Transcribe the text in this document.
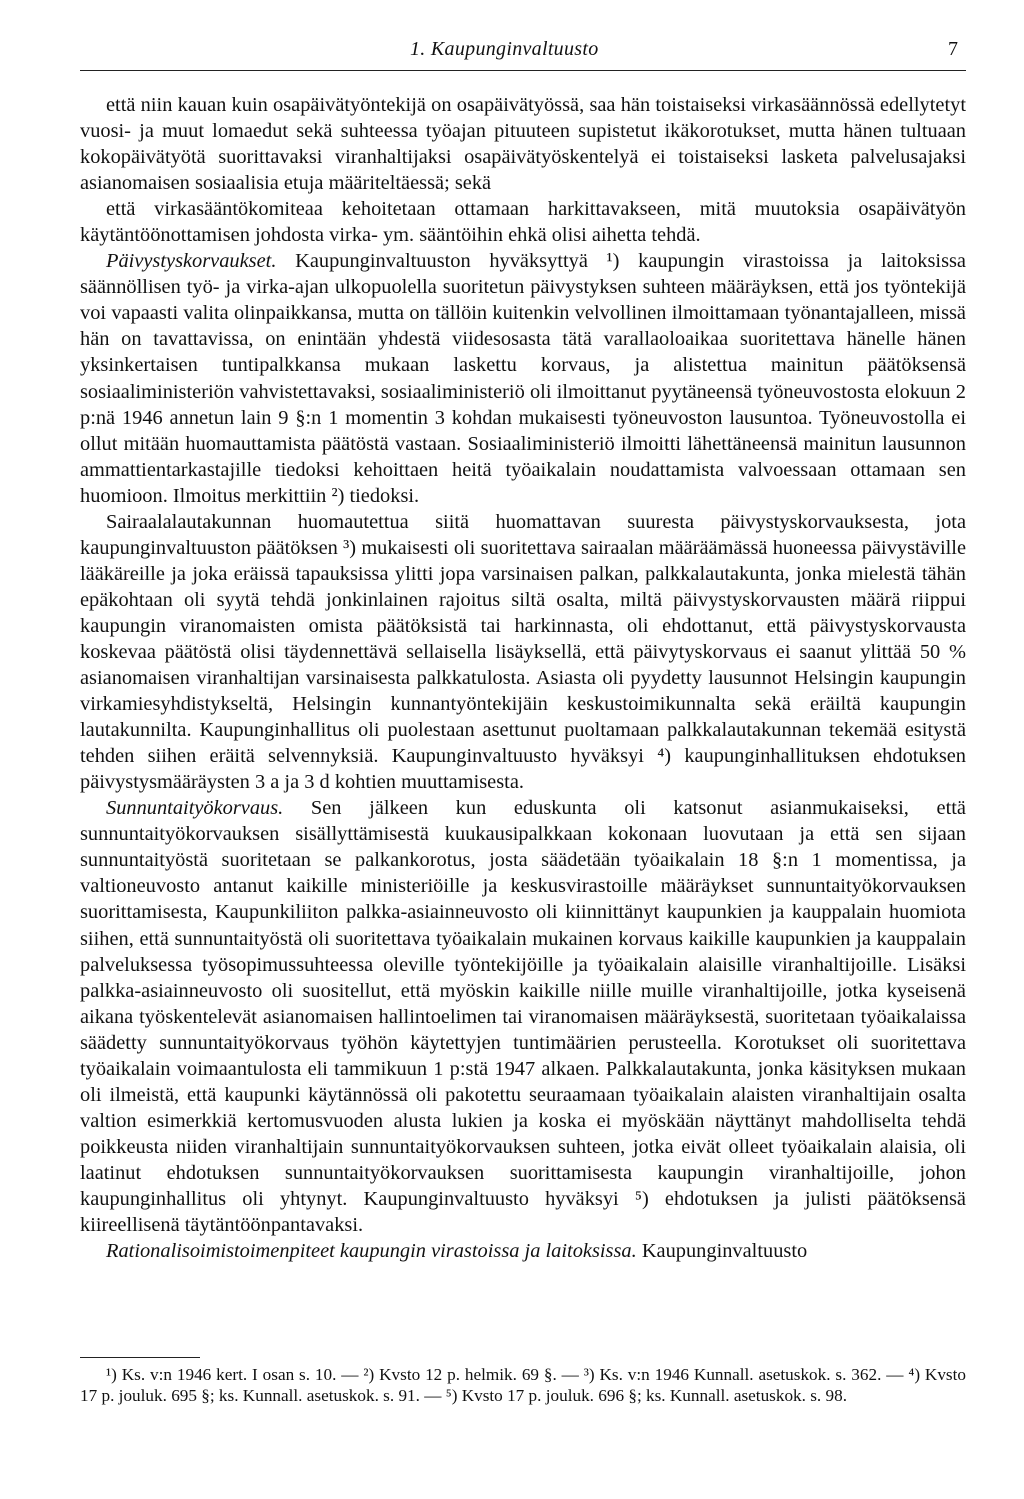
1. Kaupunginvaltuusto	7

että niin kauan kuin osapäivätyöntekijä on osapäivätyössä, saa hän toistaiseksi virkasäännössä edellytetyt vuosi- ja muut lomaedut sekä suhteessa työajan pituuteen supistetut ikäkorotukset, mutta hänen tultuaan kokopäivätyötä suorittavaksi viranhaltijaksi osapäivätyöskentelyä ei toistaiseksi lasketa palvelusajaksi asianomaisen sosiaalisia etuja määriteltäessä; sekä

että virkasääntökomiteaa kehoitetaan ottamaan harkittavakseen, mitä muutoksia osapäivätyön käytäntöönottamisen johdosta virka- ym. sääntöihin ehkä olisi aihetta tehdä.

Päivystyskorvaukset. Kaupunginvaltuuston hyväksyttyä ¹) kaupungin virastoissa ja laitoksissa säännöllisen työ- ja virka-ajan ulkopuolella suoritetun päivystyksen suhteen määräyksen, että jos työntekijä voi vapaasti valita olinpaikkansa, mutta on tällöin kuitenkin velvollinen ilmoittamaan työnantajalleen, missä hän on tavattavissa, on enintään yhdestä viidesosasta tätä varallaoloaikaa suoritettava hänelle hänen yksinkertaisen tuntipalkkansa mukaan laskettu korvaus, ja alistettua mainitun päätöksensä sosiaaliministeriön vahvistettavaksi, sosiaaliministeriö oli ilmoittanut pyytäneensä työneuvostosta elokuun 2 p:nä 1946 annetun lain 9 §:n 1 momentin 3 kohdan mukaisesti työneuvoston lausuntoa. Työneuvostolla ei ollut mitään huomauttamista päätöstä vastaan. Sosiaaliministeriö ilmoitti lähettäneensä mainitun lausunnon ammattientarkastajille tiedoksi kehoittaen heitä työaikalain noudattamista valvoessaan ottamaan sen huomioon. Ilmoitus merkittiin ²) tiedoksi.

Sairaalalautakunnan huomautettua siitä huomattavan suuresta päivystyskorvauksesta, jota kaupunginvaltuuston päätöksen ³) mukaisesti oli suoritettava sairaalan määräämässä huoneessa päivystäville lääkäreille ja joka eräissä tapauksissa ylitti jopa varsinaisen palkan, palkkalautakunta, jonka mielestä tähän epäkohtaan oli syytä tehdä jonkinlainen rajoitus siltä osalta, miltä päivystyskorvausten määrä riippui kaupungin viranomaisten omista päätöksistä tai harkinnasta, oli ehdottanut, että päivystyskorvausta koskevaa päätöstä olisi täydennettävä sellaisella lisäyksellä, että päivytyskorvaus ei saanut ylittää 50 % asianomaisen viranhaltijan varsinaisesta palkkatulosta. Asiasta oli pyydetty lausunnot Helsingin kaupungin virkamiesyhdistykseltä, Helsingin kunnantyöntekijäin keskustoimikunnalta sekä eräiltä kaupungin lautakunnilta. Kaupunginhallitus oli puolestaan asettunut puoltamaan palkkalautakunnan tekemää esitystä tehden siihen eräitä selvennyksiä. Kaupunginvaltuusto hyväksyi ⁴) kaupunginhallituksen ehdotuksen päivystysmääräysten 3 a ja 3 d kohtien muuttamisesta.

Sunnuntaityökorvaus. Sen jälkeen kun eduskunta oli katsonut asianmukaiseksi, että sunnuntaityökorvauksen sisällyttämisestä kuukausipalkkaan kokonaan luovutaan ja että sen sijaan sunnuntaityöstä suoritetaan se palkankorotus, josta säädetään työaikalain 18 §:n 1 momentissa, ja valtioneuvosto antanut kaikille ministeriöille ja keskusvirastoille määräykset sunnuntaityökorvauksen suorittamisesta, Kaupunkiliiton palkka-asiainneuvosto oli kiinnittänyt kaupunkien ja kauppalain huomiota siihen, että sunnuntaityöstä oli suoritettava työaikalain mukainen korvaus kaikille kaupunkien ja kauppalain palveluksessa työsopimussuhteessa oleville työntekijöille ja työaikalain alaisille viranhaltijoille. Lisäksi palkka-asiainneuvosto oli suositellut, että myöskin kaikille niille muille viranhaltijoille, jotka kyseisenä aikana työskentelevät asianomaisen hallintoelimen tai viranomaisen määräyksestä, suoritetaan työaikalaissa säädetty sunnuntaityökorvaus työhön käytettyjen tuntimäärien perusteella. Korotukset oli suoritettava työaikalain voimaantulosta eli tammikuun 1 p:stä 1947 alkaen. Palkkalautakunta, jonka käsityksen mukaan oli ilmeistä, että kaupunki käytännössä oli pakotettu seuraamaan työaikalain alaisten viranhaltijain osalta valtion esimerkkiä kertomusvuoden alusta lukien ja koska ei myöskään näyttänyt mahdolliselta tehdä poikkeusta niiden viranhaltijain sunnuntaityökorvauksen suhteen, jotka eivät olleet työaikalain alaisia, oli laatinut ehdotuksen sunnuntaityökorvauksen suorittamisesta kaupungin viranhaltijoille, johon kaupunginhallitus oli yhtynyt. Kaupunginvaltuusto hyväksyi ⁵) ehdotuksen ja julisti päätöksensä kiireellisenä täytäntöönpantavaksi.

Rationalisoimistoimenpiteet kaupungin virastoissa ja laitoksissa. Kaupunginvaltuusto

¹) Ks. v:n 1946 kert. I osan s. 10. — ²) Kvsto 12 p. helmik. 69 §. — ³) Ks. v:n 1946 Kunnall. asetuskok. s. 362. — ⁴) Kvsto 17 p. jouluk. 695 §; ks. Kunnall. asetuskok. s. 91. — ⁵) Kvsto 17 p. jouluk. 696 §; ks. Kunnall. asetuskok. s. 98.
